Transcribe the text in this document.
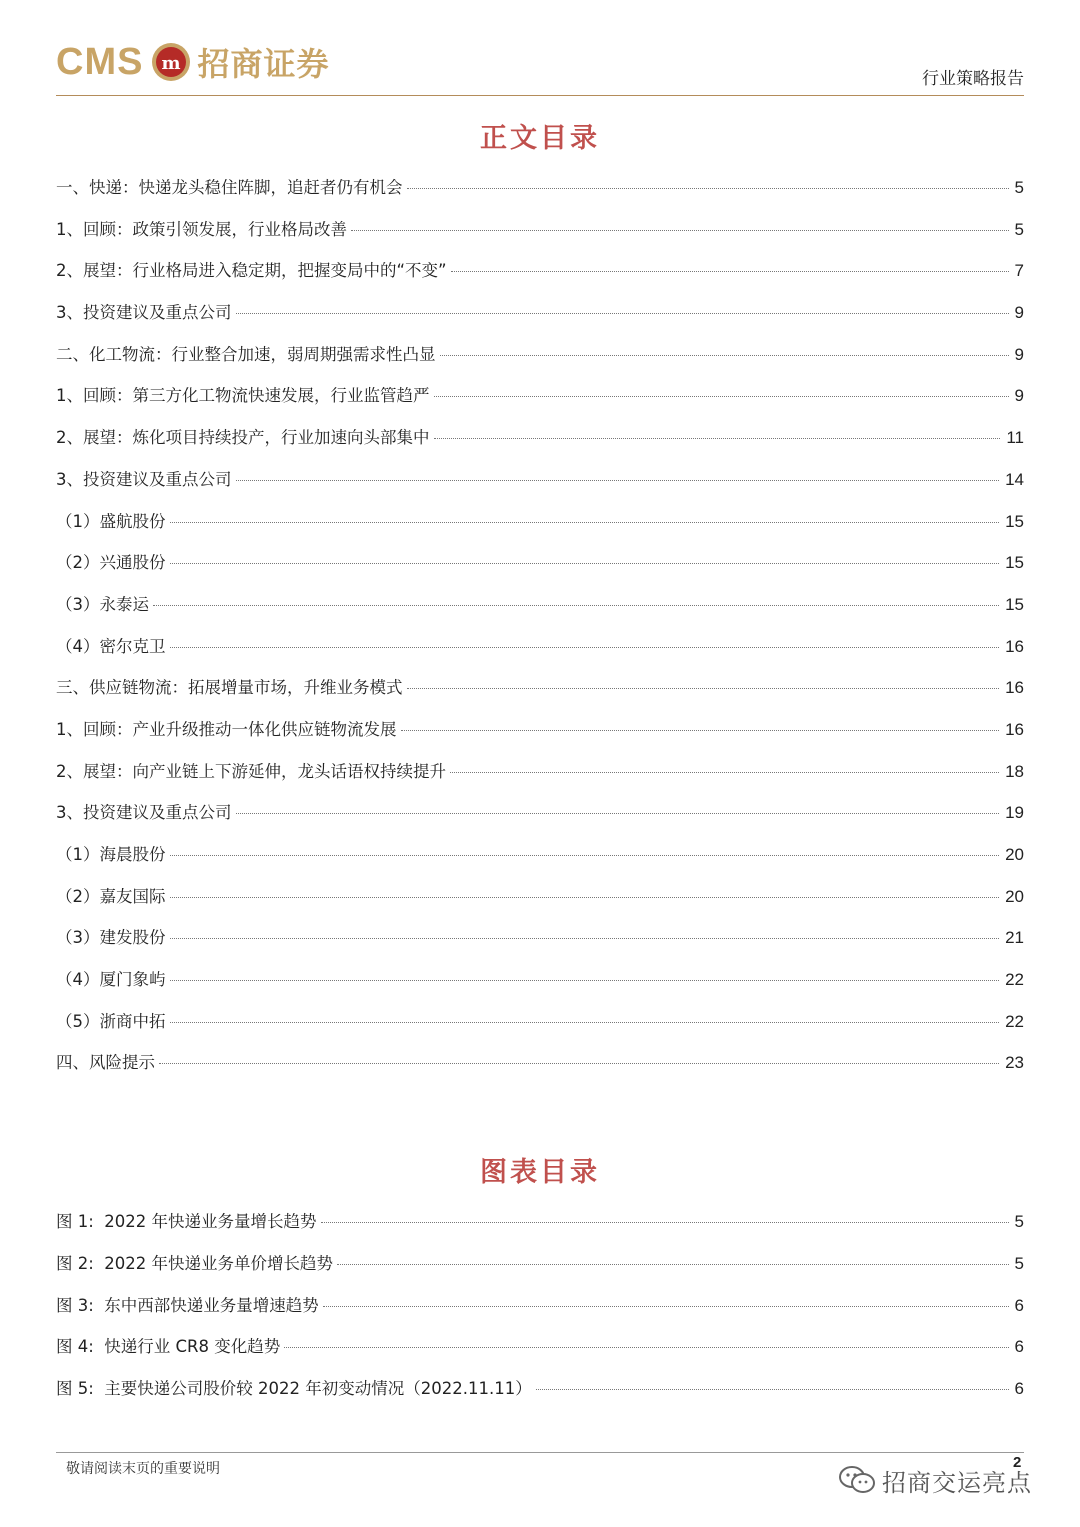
CMS m 招商证券	行业策略报告
正文目录
一、快递：快递龙头稳住阵脚，追赶者仍有机会	5
1、回顾：政策引领发展，行业格局改善	5
2、展望：行业格局进入稳定期，把握变局中的“不变”	7
3、投资建议及重点公司	9
二、化工物流：行业整合加速，弱周期强需求性凸显	9
1、回顾：第三方化工物流快速发展，行业监管趋严	9
2、展望：炼化项目持续投产，行业加速向头部集中	11
3、投资建议及重点公司	14
（1）盛航股份	15
（2）兴通股份	15
（3）永泰运	15
（4）密尔克卫	16
三、供应链物流：拓展增量市场，升维业务模式	16
1、回顾：产业升级推动一体化供应链物流发展	16
2、展望：向产业链上下游延伸，龙头话语权持续提升	18
3、投资建议及重点公司	19
（1）海晨股份	20
（2）嘉友国际	20
（3）建发股份	21
（4）厦门象屿	22
（5）浙商中拓	22
四、风险提示	23
图表目录
图 1:  2022 年快递业务量增长趋势	5
图 2:  2022 年快递业务单价增长趋势	5
图 3:  东中西部快递业务量增速趋势	6
图 4:  快递行业 CR8 变化趋势	6
图 5:  主要快递公司股价较 2022 年初变动情况（2022.11.11）	6
敬请阅读末页的重要说明	2
招商交运亮点
